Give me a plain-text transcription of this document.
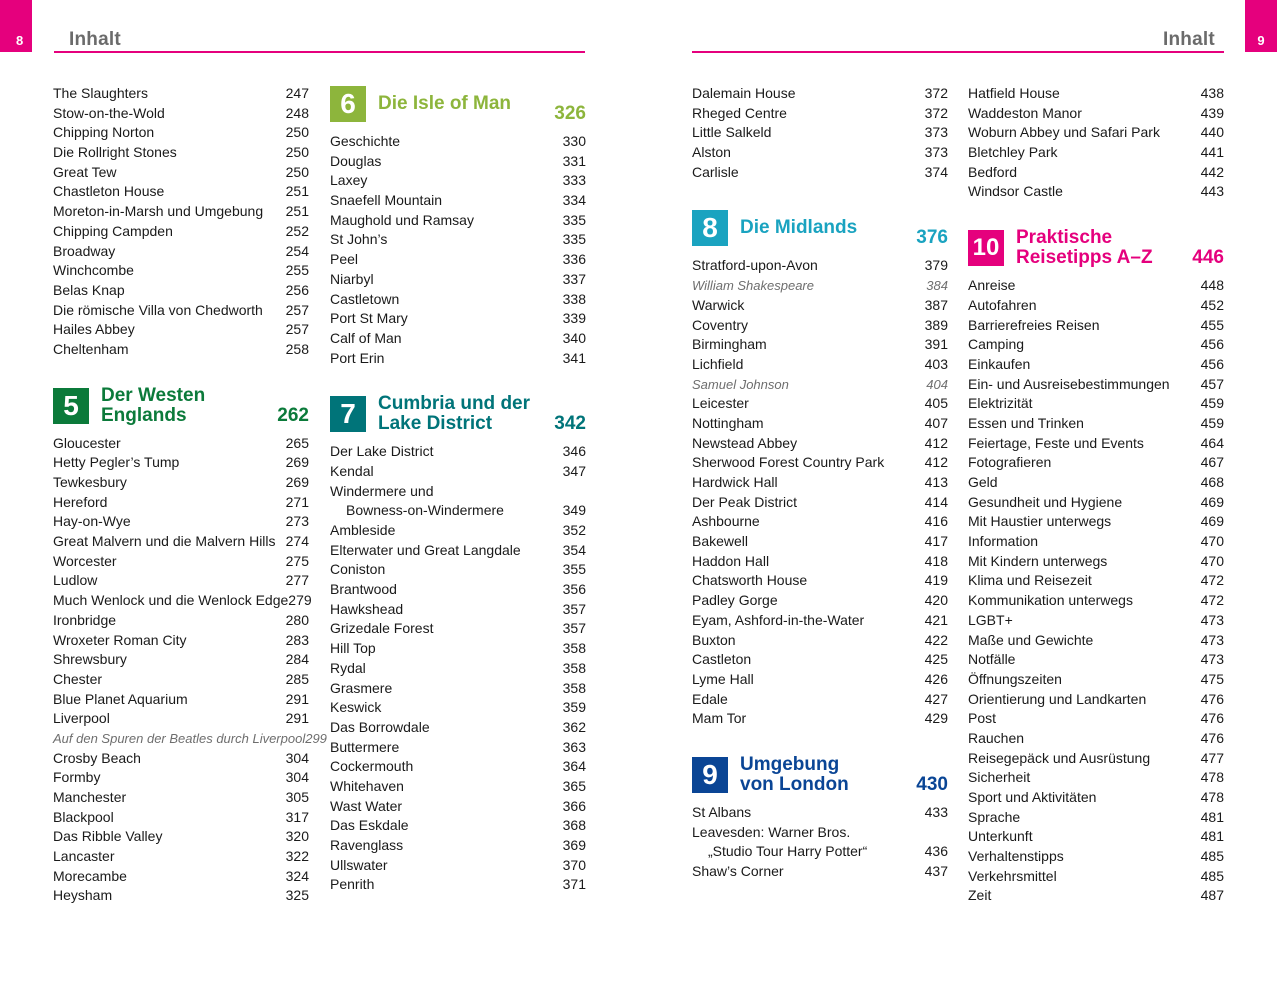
8 Inhalt	Inhalt	9
The Slaughters	247
Stow-on-the-Wold	248
Chipping Norton	250
Die Rollright Stones	250
Great Tew	250
Chastleton House	251
Moreton-in-Marsh und Umgebung 251
Chipping Campden	252
Broadway	254
Winchcombe	255
Belas Knap	256
Die römische Villa von Chedworth 257
Hailes Abbey	257
Cheltenham	258
5	Der Westen
Englands	262
Gloucester	265
Hetty Pegler’s Tump	269
Tewkesbury	269
Hereford	271
Hay-on-Wye	273
Great Malvern und die Malvern Hills 274
Worcester	275
Ludlow	277
Much Wenlock und die Wenlock Edge 279
Ironbridge	280
Wroxeter Roman City	283
Shrewsbury	284
Chester	285
Blue Planet Aquarium	291
Liverpool	291
Auf den Spuren der Beatles durch Liverpool 299
Crosby Beach	304
Formby	304
Manchester	305
Blackpool	317
Das Ribble Valley	320
Lancaster	322
Morecambe	324
Heysham	325
6	Die Isle of Man	326
Geschichte	330
Douglas	331
Laxey	333
Snaefell Mountain	334
Maughold und Ramsay	335
St John’s	335
Peel	336
Niarbyl	337
Castletown	338
Port St Mary	339
Calf of Man	340
Port Erin	341
7	Cumbria und der
Lake District	342
Der Lake District	346
Kendal	347
Windermere und
Bowness-on-Windermere	349
Ambleside	352
Elterwater und Great Langdale	354
Coniston	355
Brantwood	356
Hawkshead	357
Grizedale Forest	357
Hill Top	358
Rydal	358
Grasmere	358
Keswick	359
Das Borrowdale	362
Buttermere	363
Cockermouth	364
Whitehaven	365
Wast Water	366
Das Eskdale	368
Ravenglass	369
Ullswater	370
Penrith	371
Dalemain House	372
Rheged Centre	372
Little Salkeld	373
Alston	373
Carlisle	374
8	Die Midlands	376
Stratford-upon-Avon	379
William Shakespeare	384
Warwick	387
Coventry	389
Birmingham	391
Lichfield	403
Samuel Johnson	404
Leicester	405
Nottingham	407
Newstead Abbey	412
Sherwood Forest Country Park	412
Hardwick Hall	413
Der Peak District	414
Ashbourne	416
Bakewell	417
Haddon Hall	418
Chatsworth House	419
Padley Gorge	420
Eyam, Ashford-in-the-Water	421
Buxton	422
Castleton	425
Lyme Hall	426
Edale	427
Mam Tor	429
9	Umgebung
von London	430
St Albans	433
Leavesden: Warner Bros.
„Studio Tour Harry Potter“	436
Shaw’s Corner	437
Hatfield House	438
Waddeston Manor	439
Woburn Abbey und Safari Park	440
Bletchley Park	441
Bedford	442
Windsor Castle	443
10 Praktische
Reisetipps A–Z	446
Anreise	448
Autofahren	452
Barrierefreies Reisen	455
Camping	456
Einkaufen	456
Ein- und Ausreisebestimmungen 457
Elektrizität	459
Essen und Trinken	459
Feiertage, Feste und Events	464
Fotografieren	467
Geld	468
Gesundheit und Hygiene	469
Mit Haustier unterwegs	469
Information	470
Mit Kindern unterwegs	470
Klima und Reisezeit	472
Kommunikation unterwegs	472
LGBT+	473
Maße und Gewichte	473
Notfälle	473
Öffnungszeiten	475
Orientierung und Landkarten	476
Post	476
Rauchen	476
Reisegepäck und Ausrüstung	477
Sicherheit	478
Sport und Aktivitäten	478
Sprache	481
Unterkunft	481
Verhaltenstipps	485
Verkehrsmittel	485
Zeit	487
